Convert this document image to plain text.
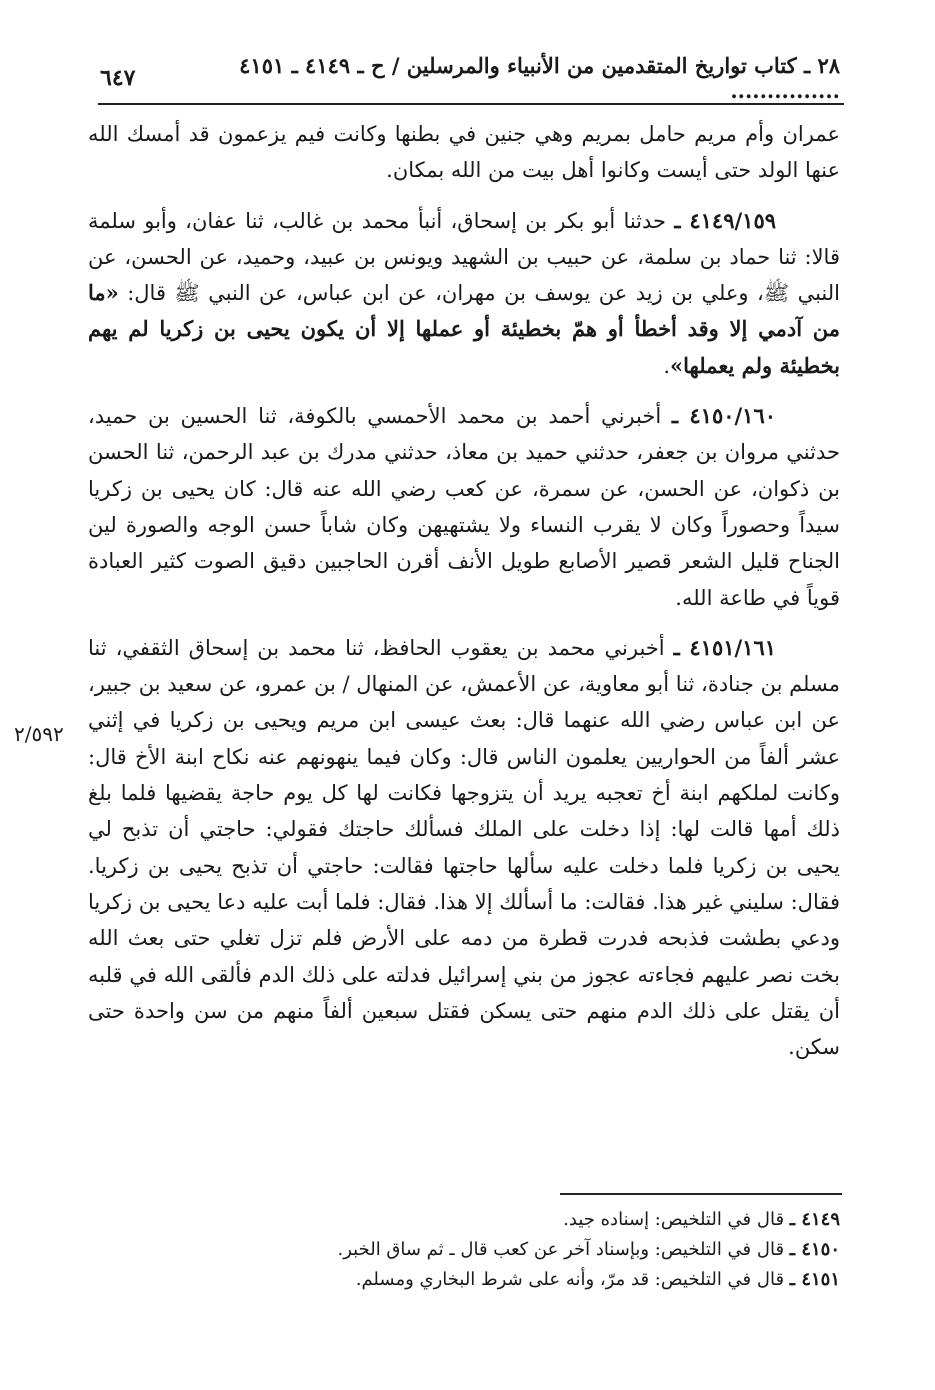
٢٨ ـ كتاب تواريخ المتقدمين من الأنبياء والمرسلين / ح ـ ٤١٤٩ ـ ٤١٥١ ...............
٦٤٧

عمران وأم مريم حامل بمريم وهي جنين في بطنها وكانت فيم يزعمون قد أمسك الله عنها الولد حتى أيست وكانوا أهل بيت من الله بمكان.

٤١٤٩/١٥٩ ـ حدثنا أبو بكر بن إسحاق، أنبأ محمد بن غالب، ثنا عفان، وأبو سلمة قالا: ثنا حماد بن سلمة، عن حبيب بن الشهيد ويونس بن عبيد، وحميد، عن الحسن، عن النبي ﷺ، وعلي بن زيد عن يوسف بن مهران، عن ابن عباس، عن النبي ﷺ قال: «ما من آدمي إلا وقد أخطأ أو همّ بخطيئة أو عملها إلا أن يكون يحيى بن زكريا لم يهم بخطيئة ولم يعملها».

٤١٥٠/١٦٠ ـ أخبرني أحمد بن محمد الأحمسي بالكوفة، ثنا الحسين بن حميد، حدثني مروان بن جعفر، حدثني حميد بن معاذ، حدثني مدرك بن عبد الرحمن، ثنا الحسن بن ذكوان، عن الحسن، عن سمرة، عن كعب رضي الله عنه قال: كان يحيى بن زكريا سيداً وحصوراً وكان لا يقرب النساء ولا يشتهيهن وكان شاباً حسن الوجه والصورة لين الجناح قليل الشعر قصير الأصابع طويل الأنف أقرن الحاجبين دقيق الصوت كثير العبادة قوياً في طاعة الله.

٤١٥١/١٦١ ـ أخبرني محمد بن يعقوب الحافظ، ثنا محمد بن إسحاق الثقفي، ثنا مسلم بن جنادة، ثنا أبو معاوية، عن الأعمش، عن المنهال / بن عمرو، عن سعيد بن جبير، عن ابن عباس رضي الله عنهما قال: بعث عيسى ابن مريم ويحيى بن زكريا في إثني عشر ألفاً من الحواريين يعلمون الناس قال: وكان فيما ينهونهم عنه نكاح ابنة الأخ قال: وكانت لملكهم ابنة أخ تعجبه يريد أن يتزوجها فكانت لها كل يوم حاجة يقضيها فلما بلغ ذلك أمها قالت لها: إذا دخلت على الملك فسألك حاجتك فقولي: حاجتي أن تذبح لي يحيى بن زكريا فلما دخلت عليه سألها حاجتها فقالت: حاجتي أن تذبح يحيى بن زكريا. فقال: سليني غير هذا. فقالت: ما أسألك إلا هذا. فقال: فلما أبت عليه دعا يحيى بن زكريا ودعي بطشت فذبحه فدرت قطرة من دمه على الأرض فلم تزل تغلي حتى بعث الله بخت نصر عليهم فجاءته عجوز من بني إسرائيل فدلته على ذلك الدم فألقى الله في قلبه أن يقتل على ذلك الدم منهم حتى يسكن فقتل سبعين ألفاً منهم من سن واحدة حتى سكن.

٢/٥٩٢
٤١٤٩ ـ قال في التلخيص: إسناده جيد.
٤١٥٠ ـ قال في التلخيص: وبإسناد آخر عن كعب قال ـ ثم ساق الخبر.
٤١٥١ ـ قال في التلخيص: قد مرّ، وأنه على شرط البخاري ومسلم.
